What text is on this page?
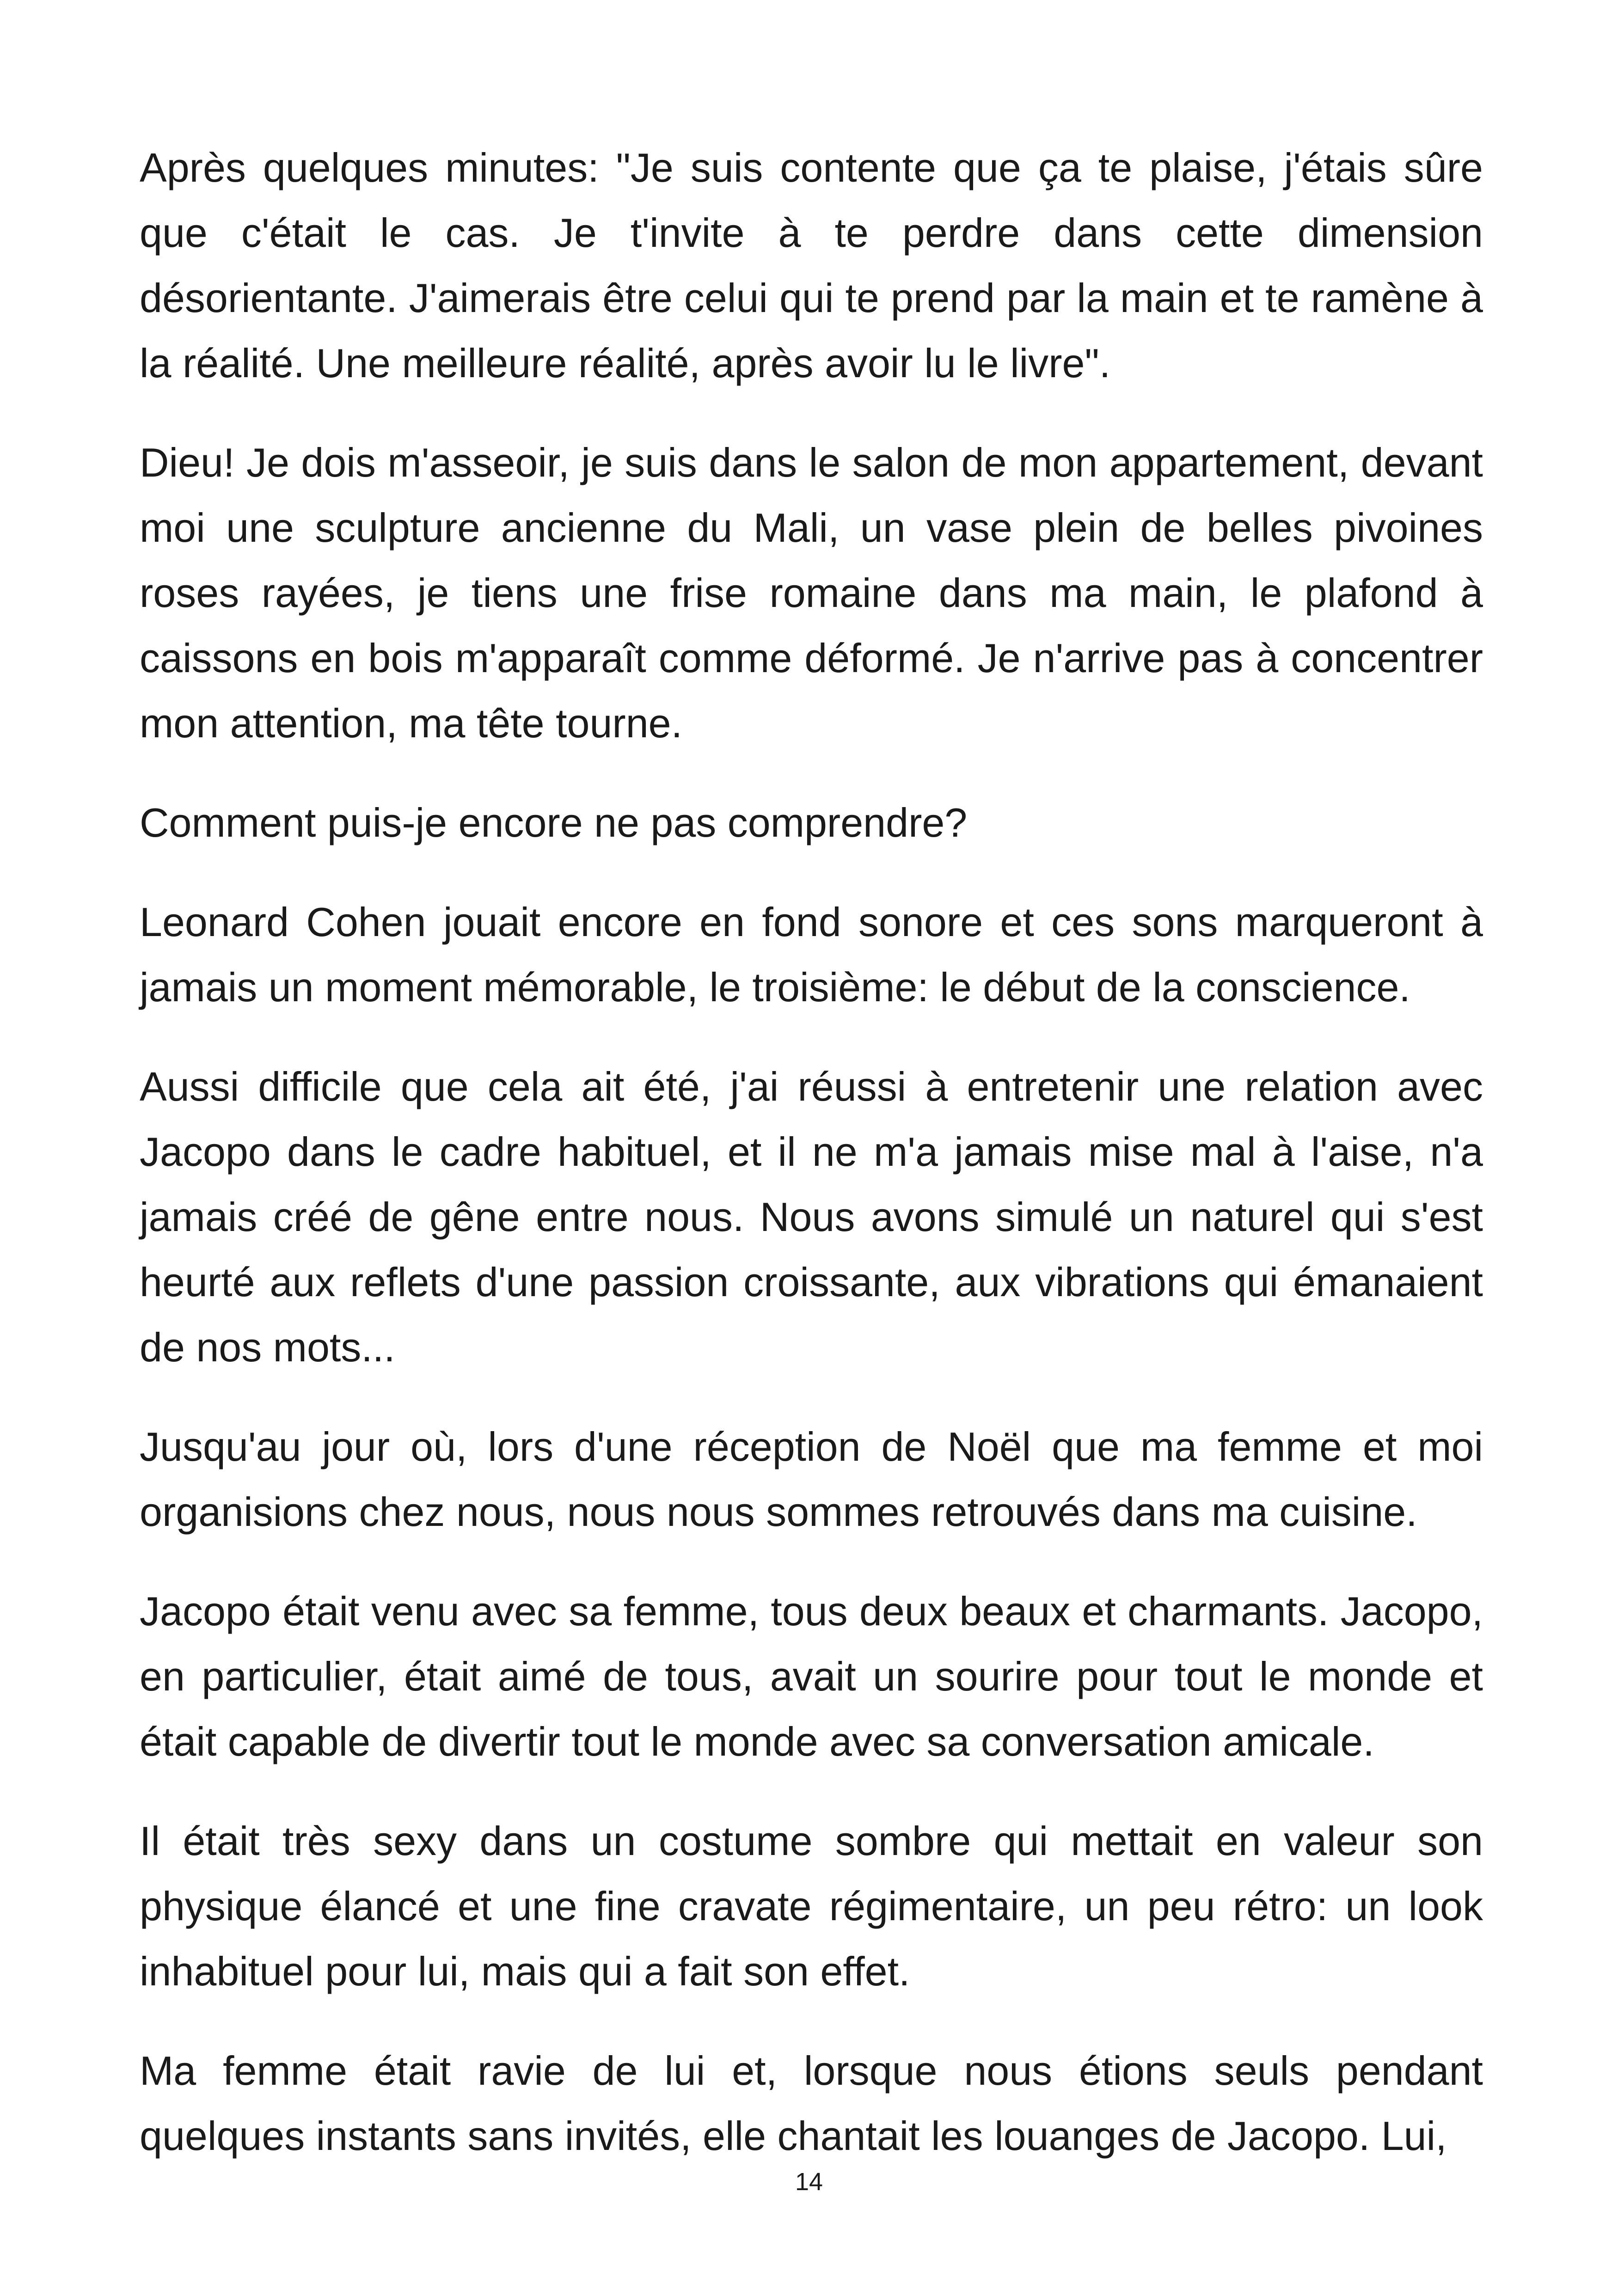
Après quelques minutes: "Je suis contente que ça te plaise, j'étais sûre que c'était le cas. Je t'invite à te perdre dans cette dimension désorientante. J'aimerais être celui qui te prend par la main et te ramène à la réalité. Une meilleure réalité, après avoir lu le livre".

Dieu! Je dois m'asseoir, je suis dans le salon de mon appartement, devant moi une sculpture ancienne du Mali, un vase plein de belles pivoines roses rayées, je tiens une frise romaine dans ma main, le plafond à caissons en bois m'apparaît comme déformé. Je n'arrive pas à concentrer mon attention, ma tête tourne.

Comment puis-je encore ne pas comprendre?

Leonard Cohen jouait encore en fond sonore et ces sons marqueront à jamais un moment mémorable, le troisième: le début de la conscience.

Aussi difficile que cela ait été, j'ai réussi à entretenir une relation avec Jacopo dans le cadre habituel, et il ne m'a jamais mise mal à l'aise, n'a jamais créé de gêne entre nous. Nous avons simulé un naturel qui s'est heurté aux reflets d'une passion croissante, aux vibrations qui émanaient de nos mots...

Jusqu'au jour où, lors d'une réception de Noël que ma femme et moi organisions chez nous, nous nous sommes retrouvés dans ma cuisine.

Jacopo était venu avec sa femme, tous deux beaux et charmants. Jacopo, en particulier, était aimé de tous, avait un sourire pour tout le monde et était capable de divertir tout le monde avec sa conversation amicale.

Il était très sexy dans un costume sombre qui mettait en valeur son physique élancé et une fine cravate régimentaire, un peu rétro: un look inhabituel pour lui, mais qui a fait son effet.

Ma femme était ravie de lui et, lorsque nous étions seuls pendant quelques instants sans invités, elle chantait les louanges de Jacopo. Lui,

14
